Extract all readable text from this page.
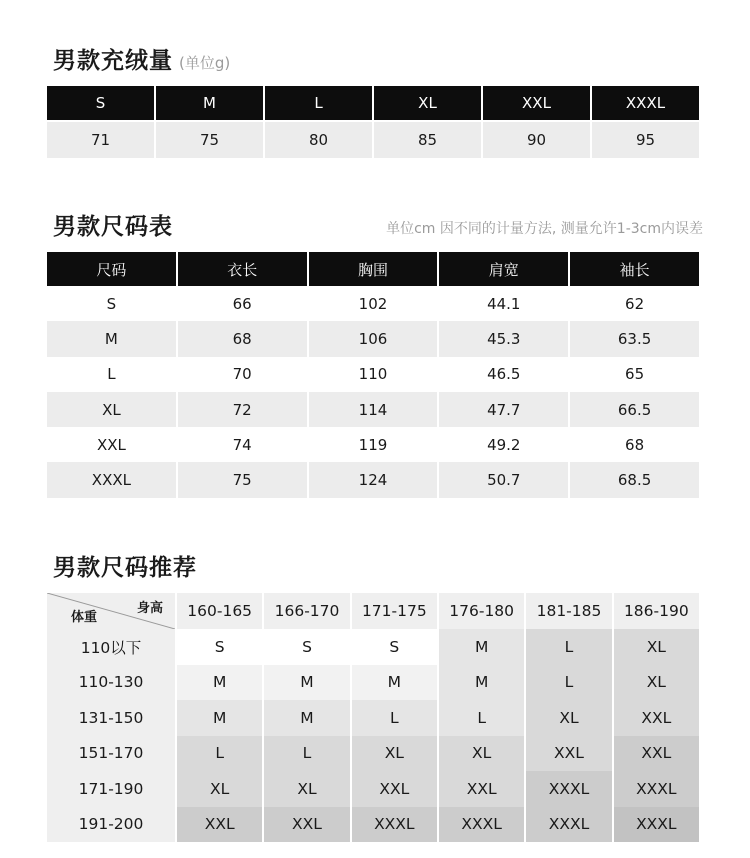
男款充绒量 (单位g)
S	M	L	XL	XXL	XXXL

71	75	80	85	90	95
男款尺码表	单位cm 因不同的计量方法, 测量允许1-3cm内误差
尺码	衣长	胸围	肩宽	袖长
S	66	102	44.1	62
M	68	106	45.3	63.5
L	70	110	46.5	65
XL	72	114	47.7	66.5
XXL	74	119	49.2	68
XXXL	75	124	50.7	68.5
男款尺码推荐
身高
体重	160-165	166-170	171-175	176-180	181-185	186-190
110以下	S	S	S	M	L	XL
110-130	M	M	M	M	L	XL
131-150	M	M	L	L	XL	XXL
151-170	L	L	XL	XL	XXL	XXL
171-190	XL	XL	XXL	XXL	XXXL	XXXL
191-200	XXL	XXL	XXXL	XXXL	XXXL	XXXL
